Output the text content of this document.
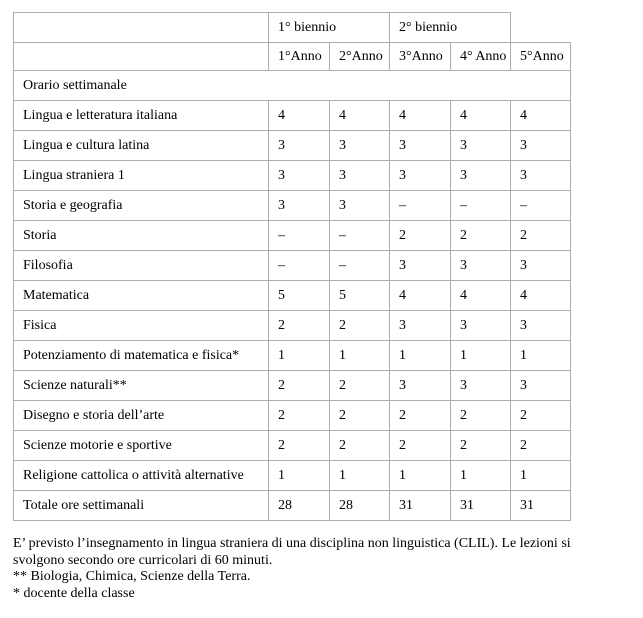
	1° biennio		2° biennio		
	1°Anno	2°Anno	3°Anno	4° Anno	5°Anno
Orario settimanale					
Lingua e letteratura italiana	4	4	4	4	4
Lingua e cultura latina	3	3	3	3	3
Lingua straniera 1	3	3	3	3	3
Storia e geografia	3	3	–	–	–
Storia	–	–	2	2	2
Filosofia	–	–	3	3	3
Matematica	5	5	4	4	4
Fisica	2	2	3	3	3
Potenziamento di matematica e fisica*	1	1	1	1	1
Scienze naturali**	2	2	3	3	3
Disegno e storia dell’arte	2	2	2	2	2
Scienze motorie e sportive	2	2	2	2	2
Religione cattolica o attività alternative	1	1	1	1	1
Totale ore settimanali	28	28	31	31	31
E’ previsto l’insegnamento in lingua straniera di una disciplina non linguistica (CLIL). Le lezioni si
svolgono secondo ore curricolari di 60 minuti.
** Biologia, Chimica, Scienze della Terra.
* docente della classe
